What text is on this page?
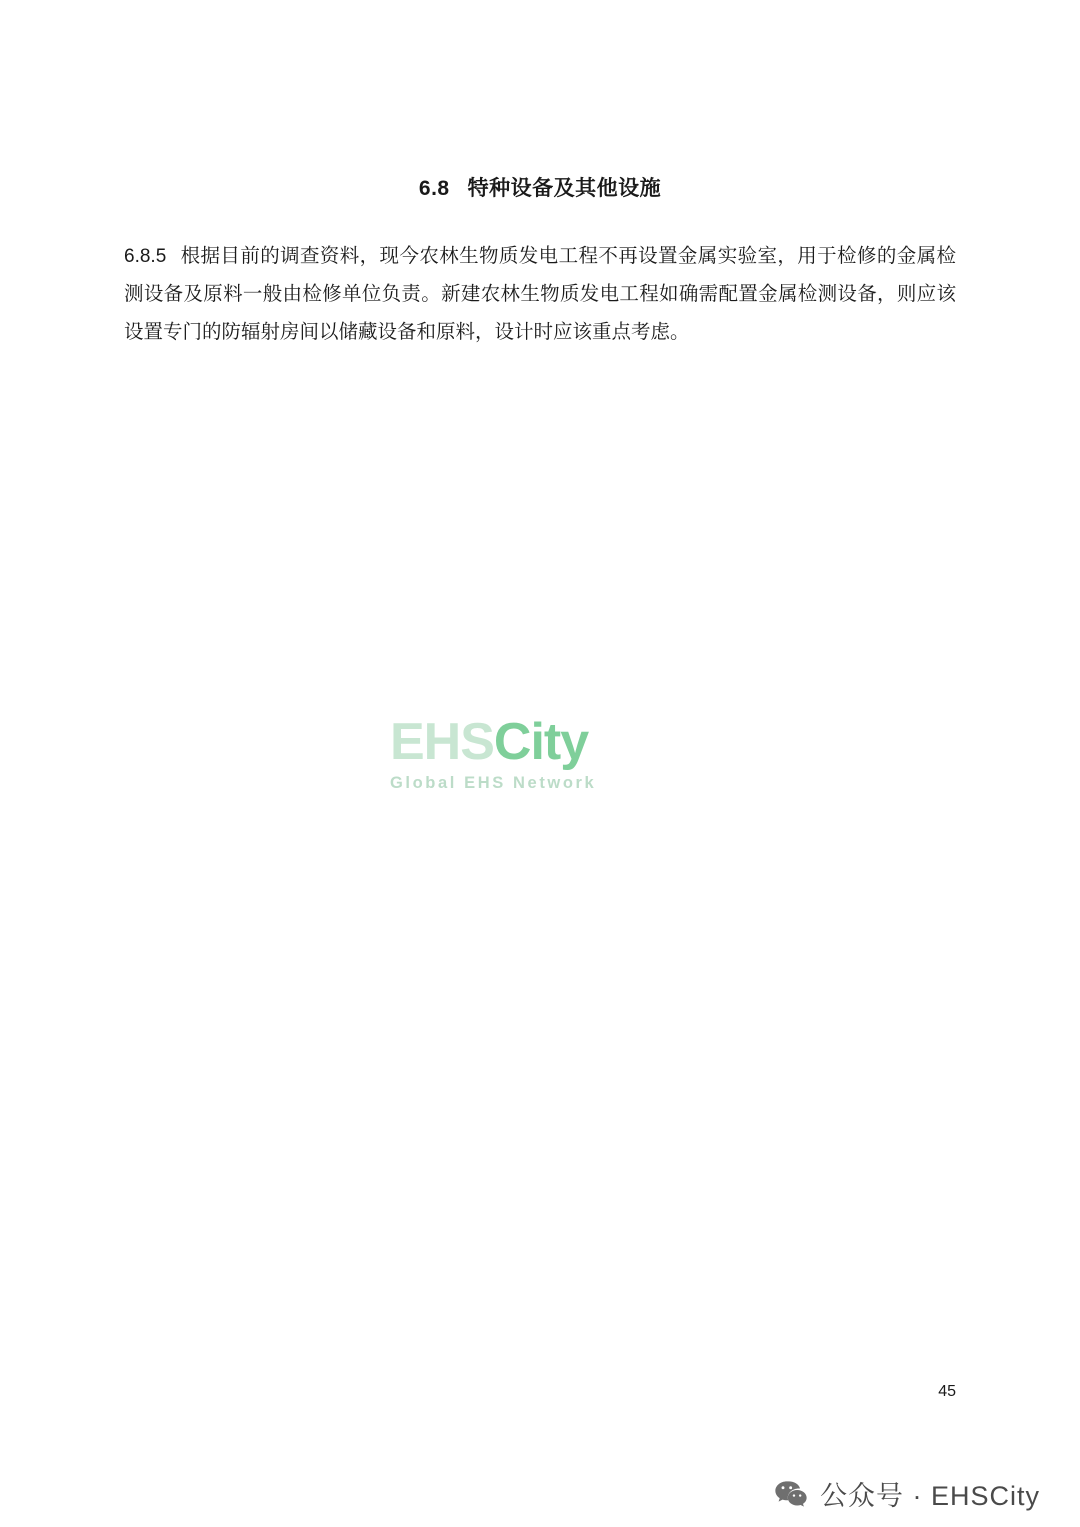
6.8 特种设备及其他设施
6.8.5 根据目前的调查资料，现今农林生物质发电工程不再设置金属实验室，用于检修的金属检测设备及原料一般由检修单位负责。新建农林生物质发电工程如确需配置金属检测设备，则应该设置专门的防辐射房间以储藏设备和原料，设计时应该重点考虑。
EHSCity
Global EHS Network
45
公众号 · EHSCity
